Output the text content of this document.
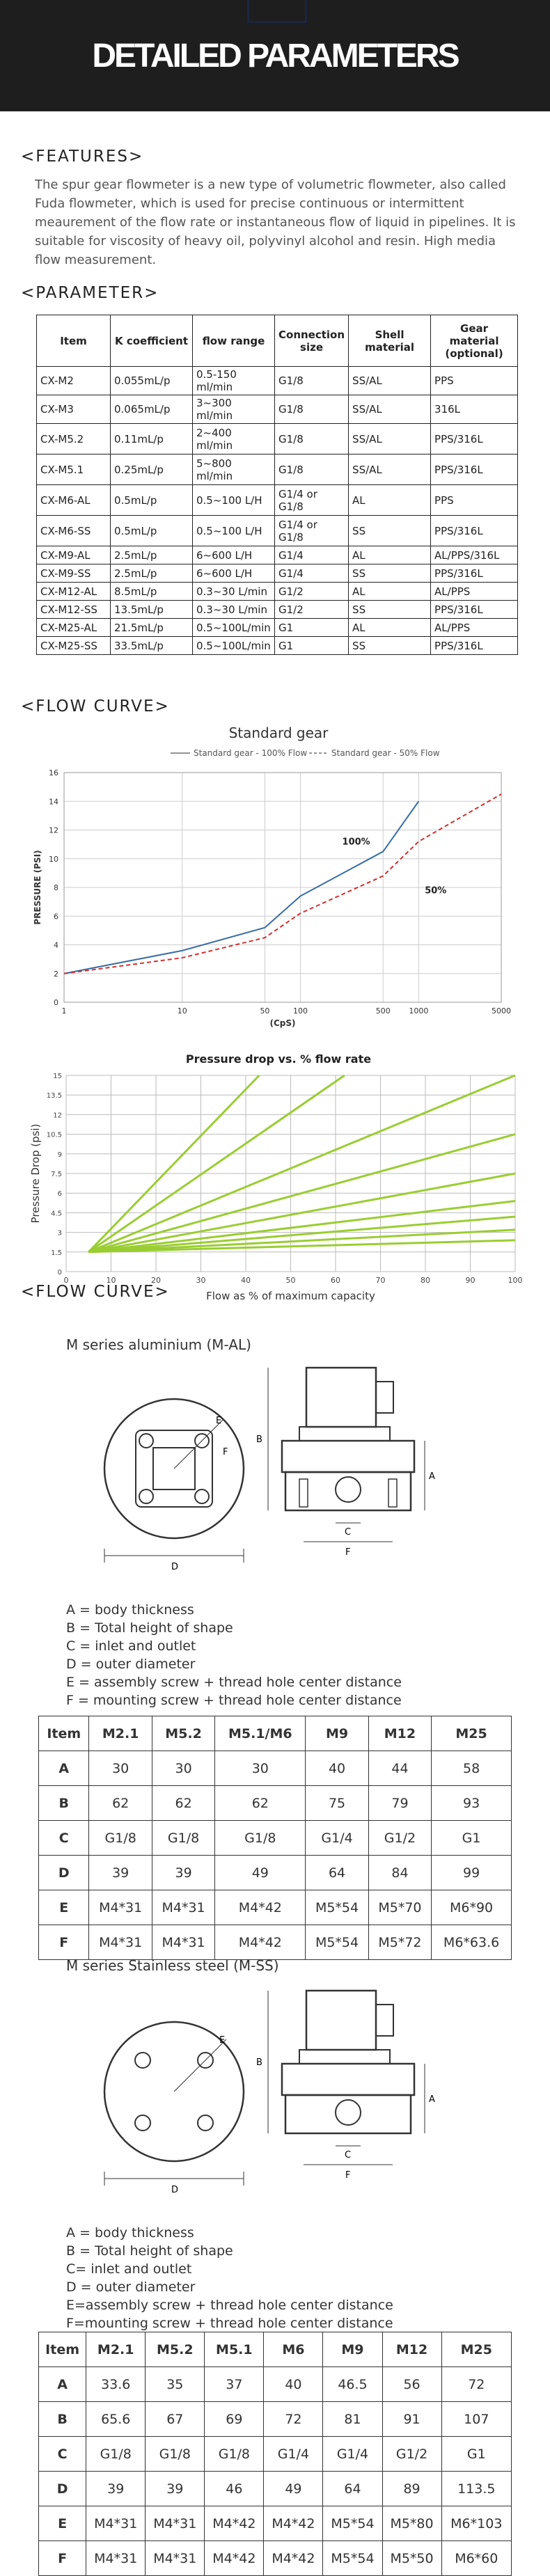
DETAILED PARAMETERS
<FEATURES>

The spur gear flowmeter is a new type of volumetric flowmeter, also called Fuda flowmeter, which is used for precise continuous or intermittent meaurement of the flow rate or instantaneous flow of liquid in pipelines. It is suitable for viscosity of heavy oil, polyvinyl alcohol and resin. High media flow measurement.

<PARAMETER>
Item	K coefficient	flow range	Connection size	Shell material	Gear material (optional)
CX-M2	0.055mL/p	0.5-150 ml/min	G1/8	SS/AL	PPS
CX-M3	0.065mL/p	3~300 ml/min	G1/8	SS/AL	316L
CX-M5.2	0.11mL/p	2~400 ml/min	G1/8	SS/AL	PPS/316L
CX-M5.1	0.25mL/p	5~800 ml/min	G1/8	SS/AL	PPS/316L
CX-M6-AL	0.5mL/p	0.5~100 L/H	G1/4 or G1/8	AL	PPS
CX-M6-SS	0.5mL/p	0.5~100 L/H	G1/4 or G1/8	SS	PPS/316L
CX-M9-AL	2.5mL/p	6~600 L/H	G1/4	AL	AL/PPS/316L
CX-M9-SS	2.5mL/p	6~600 L/H	G1/4	SS	PPS/316L
CX-M12-AL	8.5mL/p	0.3~30 L/min	G1/2	AL	AL/PPS
CX-M12-SS	13.5mL/p	0.3~30 L/min	G1/2	SS	PPS/316L
CX-M25-AL	21.5mL/p	0.5~100L/min	G1	AL	AL/PPS
CX-M25-SS	33.5mL/p	0.5~100L/min	G1	SS	PPS/316L
<FLOW CURVE>
Standard gear
Standard gear - 100% Flow	Standard gear - 50% Flow
1	10	50	100	500 1000	5000
0
2
4
6
8
10
12
14
16
(CpS)
PRESSURE (PSI)
100%
50%
Pressure drop vs. % flow rate
0	10	20	30	40	50	60	70	80	90	100
0
1.5
3
4.5
6
7.5
9
10.5
12
13.5
15
Flow as % of maximum capacity
Pressure Drop (psi)
<FLOW CURVE>
M series aluminium (M-AL)
E
F
D
B
A
C
F
A = body thickness
B = Total height of shape
C = inlet and outlet
D = outer diameter
E = assembly screw + thread hole center distance
F = mounting screw + thread hole center distance
Item	M2.1	M5.2	M5.1/M6	M9	M12	M25
A	30	30	30	40	44	58
B	62	62	62	75	79	93
C	G1/8	G1/8	G1/8	G1/4	G1/2	G1
D	39	39	49	64	84	99
E	M4*31	M4*31	M4*42	M5*54	M5*70	M6*90
F	M4*31	M4*31	M4*42	M5*54	M5*72	M6*63.6
M series Stainless steel (M-SS)
E
D
B
A
C
F
A = body thickness
B = Total height of shape
C= inlet and outlet
D = outer diameter
E=assembly screw + thread hole center distance
F=mounting screw + thread hole center distance
Item	M2.1	M5.2	M5.1	M6	M9	M12	M25
A	33.6	35	37	40	46.5	56	72
B	65.6	67	69	72	81	91	107
C	G1/8	G1/8	G1/8	G1/4	G1/4	G1/2	G1
D	39	39	46	49	64	89	113.5
E	M4*31	M4*31	M4*42	M4*42	M5*54	M5*80	M6*103
F	M4*31	M4*31	M4*42	M4*42	M5*54	M5*50	M6*60
